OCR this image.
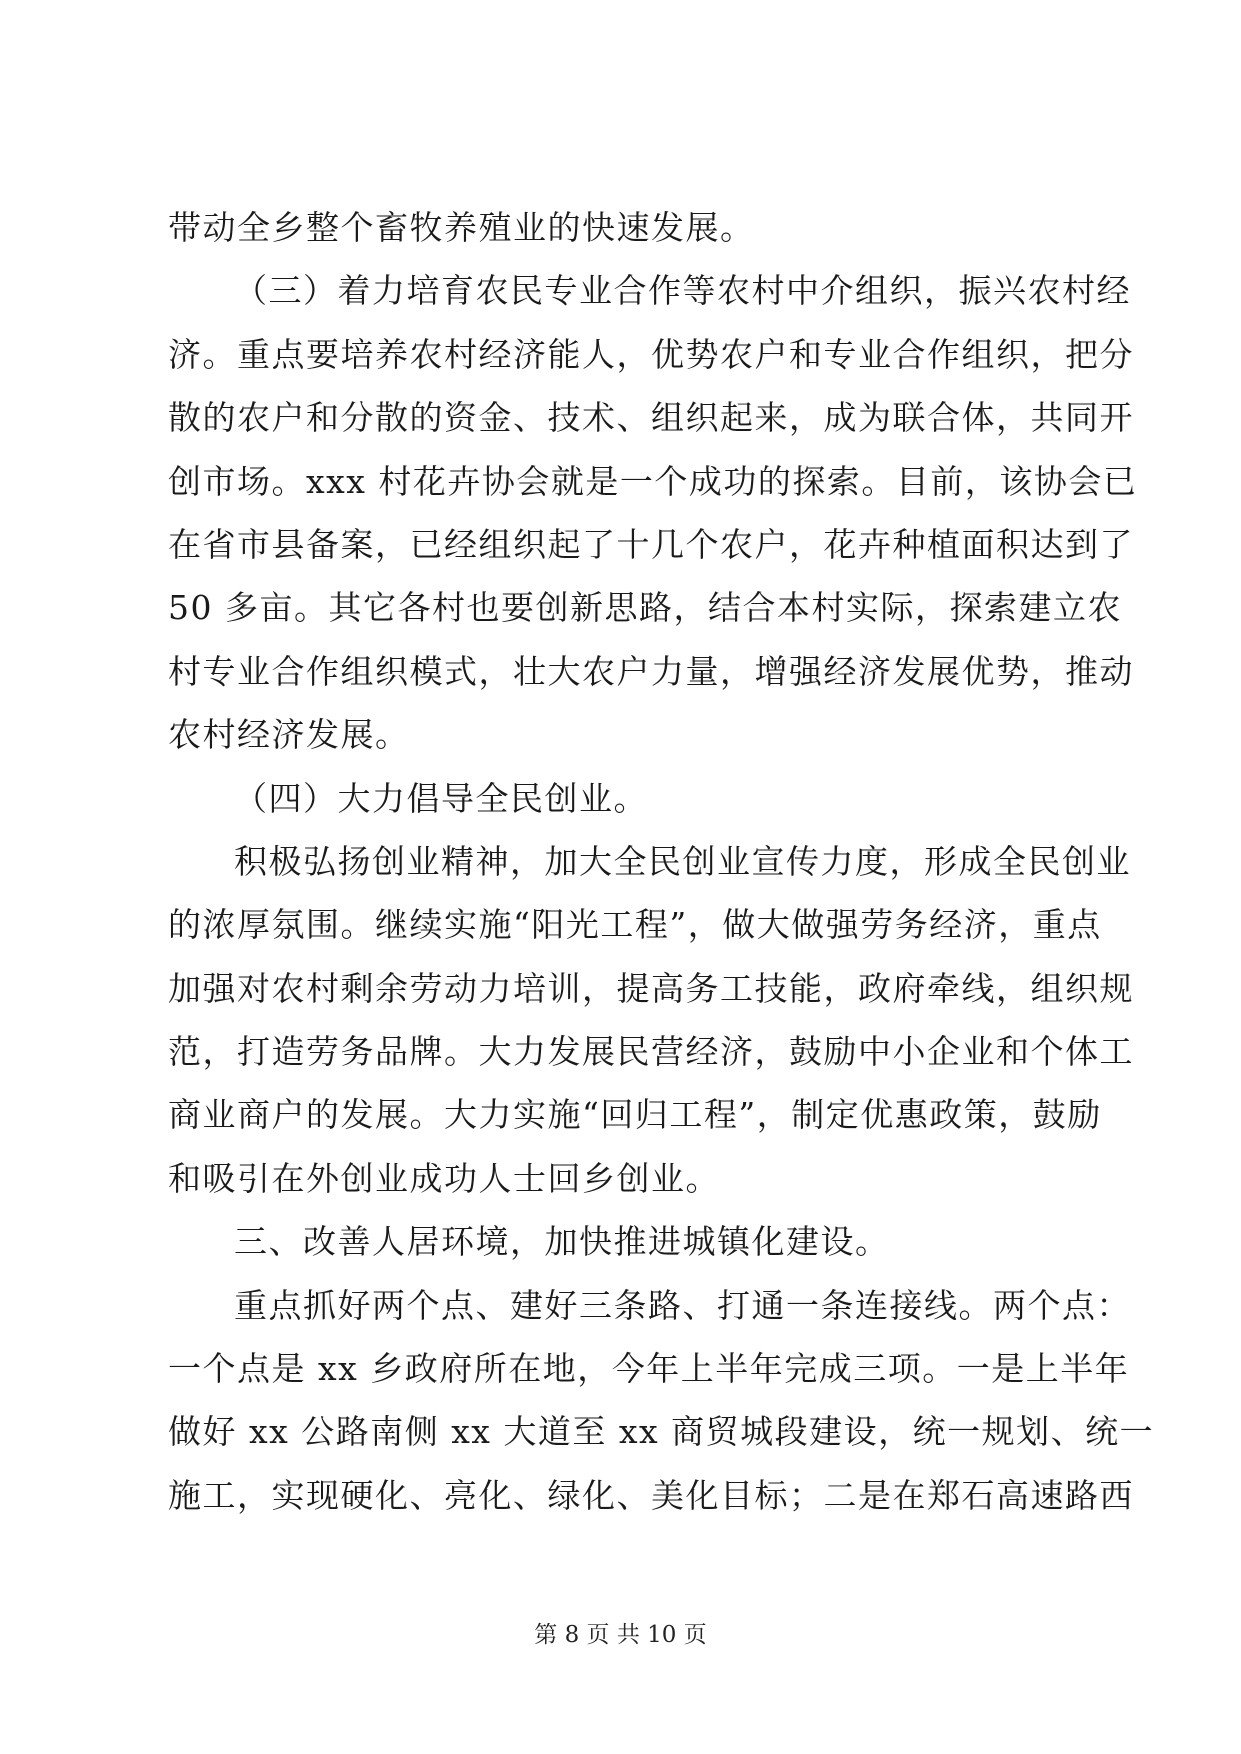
带动全乡整个畜牧养殖业的快速发展。
（三）着力培育农民专业合作等农村中介组织，振兴农村经
济。重点要培养农村经济能人，优势农户和专业合作组织，把分
散的农户和分散的资金、技术、组织起来，成为联合体，共同开
创市场。xxx 村花卉协会就是一个成功的探索。目前，该协会已
在省市县备案，已经组织起了十几个农户，花卉种植面积达到了
50 多亩。其它各村也要创新思路，结合本村实际，探索建立农
村专业合作组织模式，壮大农户力量，增强经济发展优势，推动
农村经济发展。
（四）大力倡导全民创业。
积极弘扬创业精神，加大全民创业宣传力度，形成全民创业
的浓厚氛围。继续实施“阳光工程”，做大做强劳务经济，重点
加强对农村剩余劳动力培训，提高务工技能，政府牵线，组织规
范，打造劳务品牌。大力发展民营经济，鼓励中小企业和个体工
商业商户的发展。大力实施“回归工程”，制定优惠政策，鼓励
和吸引在外创业成功人士回乡创业。
三、改善人居环境，加快推进城镇化建设。
重点抓好两个点、建好三条路、打通一条连接线。两个点：
一个点是 xx 乡政府所在地，今年上半年完成三项。一是上半年
做好 xx 公路南侧 xx 大道至 xx 商贸城段建设，统一规划、统一
施工，实现硬化、亮化、绿化、美化目标；二是在郑石高速路西
第 8 页 共 10 页
